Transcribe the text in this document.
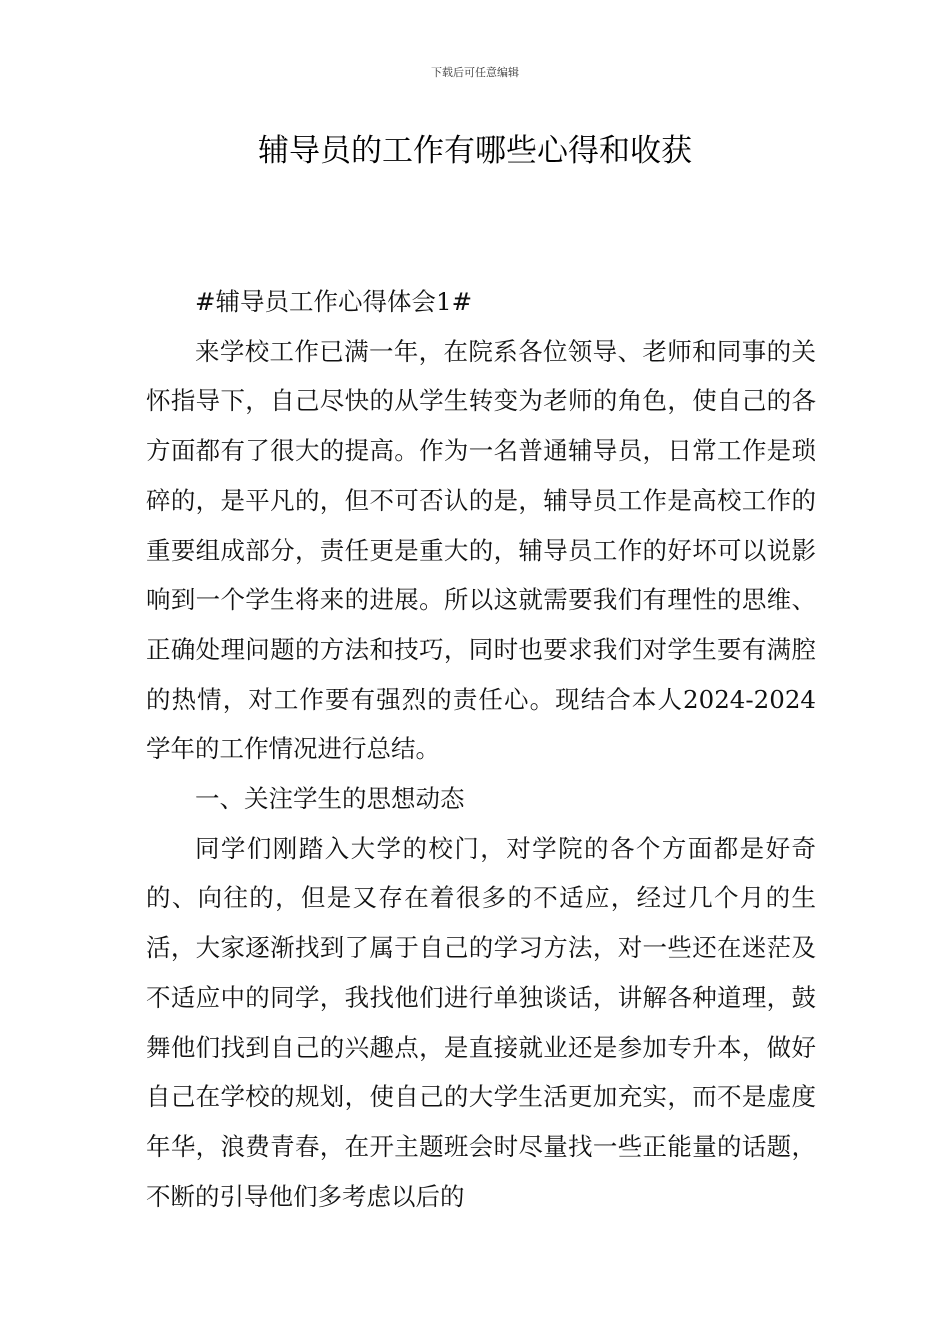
下载后可任意编辑
辅导员的工作有哪些心得和收获

#辅导员工作心得体会1#

来学校工作已满一年，在院系各位领导、老师和同事的关怀指导下，自己尽快的从学生转变为老师的角色，使自己的各方面都有了很大的提高。作为一名普通辅导员，日常工作是琐碎的，是平凡的，但不可否认的是，辅导员工作是高校工作的重要组成部分，责任更是重大的，辅导员工作的好坏可以说影响到一个学生将来的进展。所以这就需要我们有理性的思维、正确处理问题的方法和技巧，同时也要求我们对学生要有满腔的热情，对工作要有强烈的责任心。现结合本人2024-2024学年的工作情况进行总结。

一、关注学生的思想动态

同学们刚踏入大学的校门，对学院的各个方面都是好奇的、向往的，但是又存在着很多的不适应，经过几个月的生活，大家逐渐找到了属于自己的学习方法，对一些还在迷茫及不适应中的同学，我找他们进行单独谈话，讲解各种道理，鼓舞他们找到自己的兴趣点，是直接就业还是参加专升本，做好自己在学校的规划，使自己的大学生活更加充实，而不是虚度年华，浪费青春，在开主题班会时尽量找一些正能量的话题，不断的引导他们多考虑以后的
